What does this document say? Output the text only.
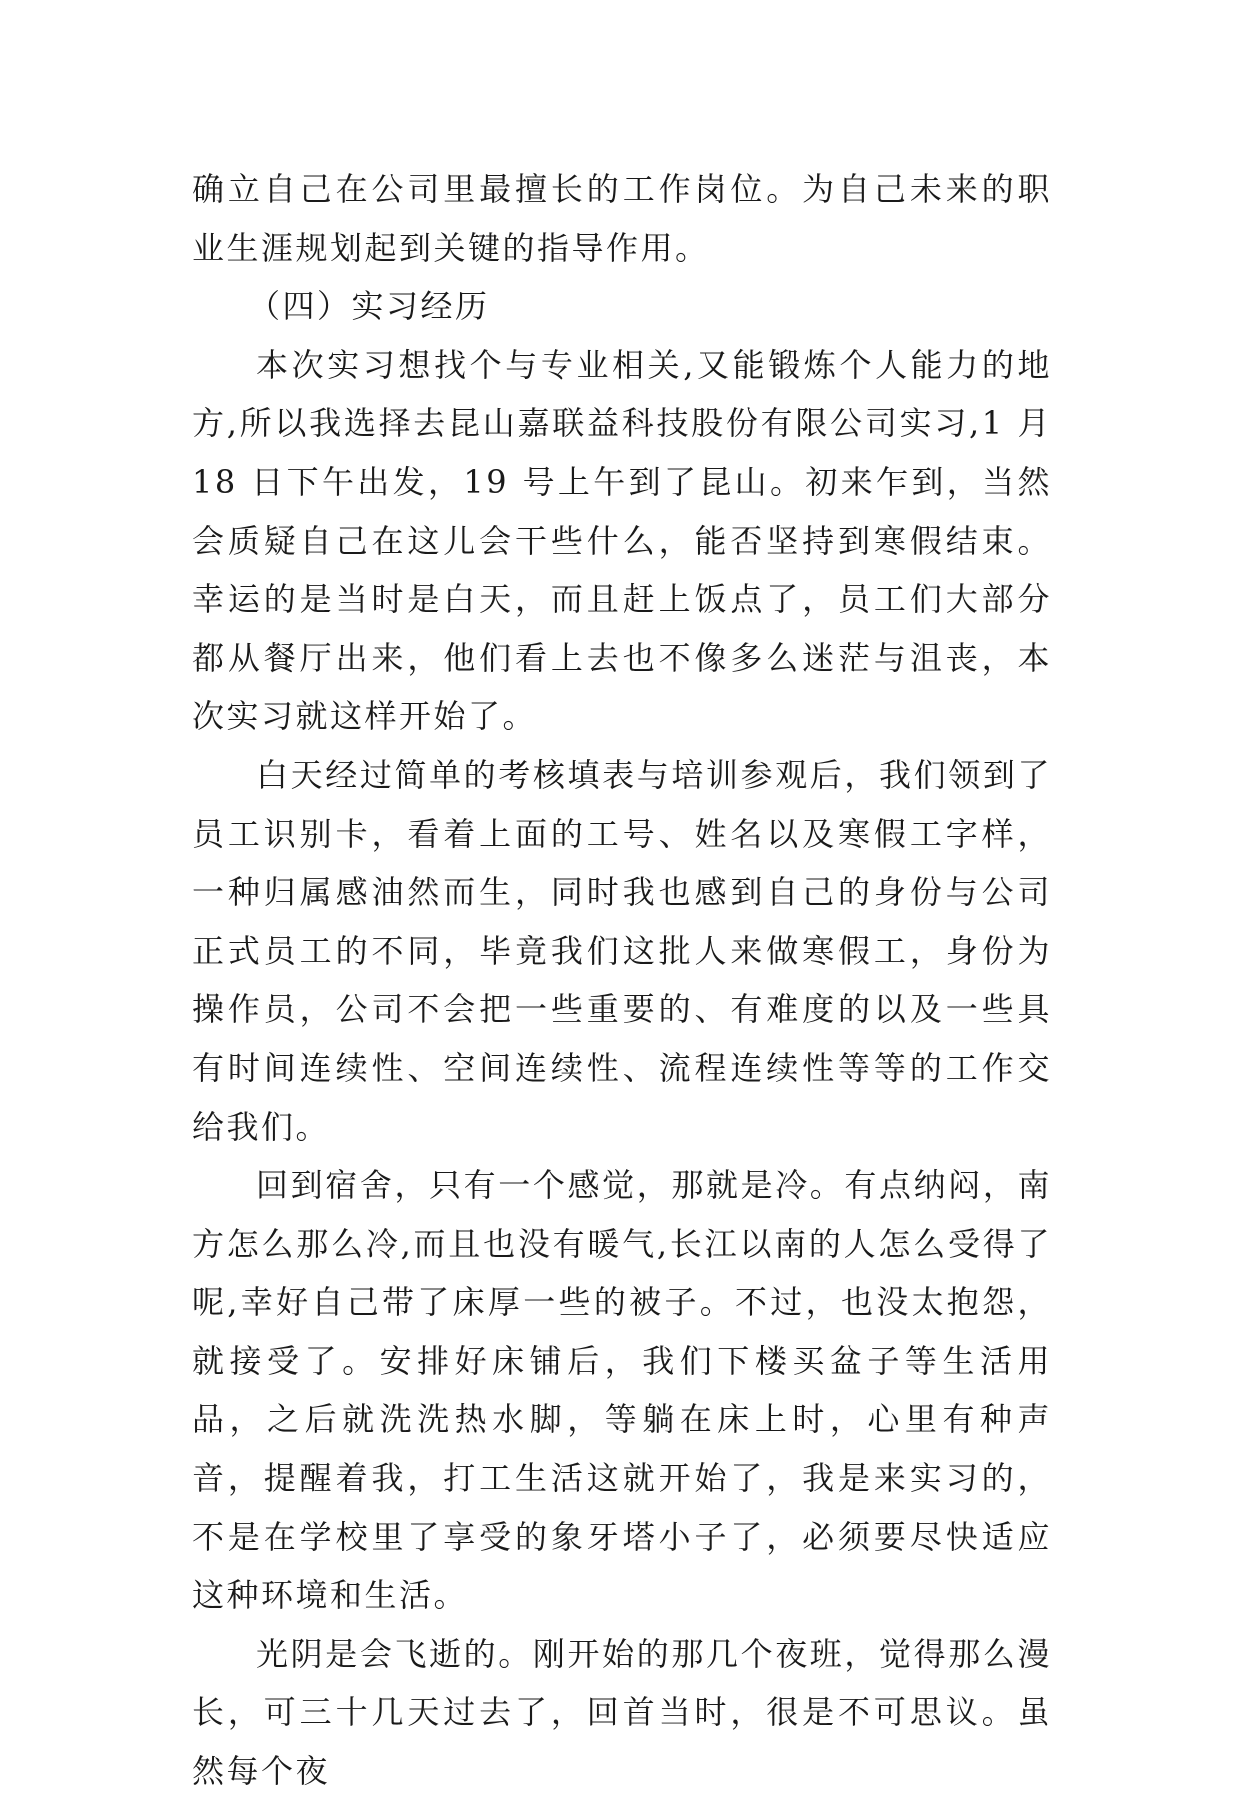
确立自己在公司里最擅长的工作岗位。为自己未来的职业生涯规划起到关键的指导作用。

（四）实习经历

本次实习想找个与专业相关,又能锻炼个人能力的地方,所以我选择去昆山嘉联益科技股份有限公司实习,1 月 18 日下午出发，19 号上午到了昆山。初来乍到，当然会质疑自己在这儿会干些什么，能否坚持到寒假结束。幸运的是当时是白天，而且赶上饭点了，员工们大部分都从餐厅出来，他们看上去也不像多么迷茫与沮丧，本次实习就这样开始了。

白天经过简单的考核填表与培训参观后，我们领到了员工识别卡，看着上面的工号、姓名以及寒假工字样，一种归属感油然而生，同时我也感到自己的身份与公司正式员工的不同，毕竟我们这批人来做寒假工，身份为操作员，公司不会把一些重要的、有难度的以及一些具有时间连续性、空间连续性、流程连续性等等的工作交给我们。

回到宿舍，只有一个感觉，那就是冷。有点纳闷，南方怎么那么冷,而且也没有暖气,长江以南的人怎么受得了呢,幸好自己带了床厚一些的被子。不过，也没太抱怨，就接受了。安排好床铺后，我们下楼买盆子等生活用品，之后就洗洗热水脚，等躺在床上时，心里有种声音，提醒着我，打工生活这就开始了，我是来实习的，不是在学校里了享受的象牙塔小子了，必须要尽快适应这种环境和生活。

光阴是会飞逝的。刚开始的那几个夜班，觉得那么漫长，可三十几天过去了，回首当时，很是不可思议。虽然每个夜
